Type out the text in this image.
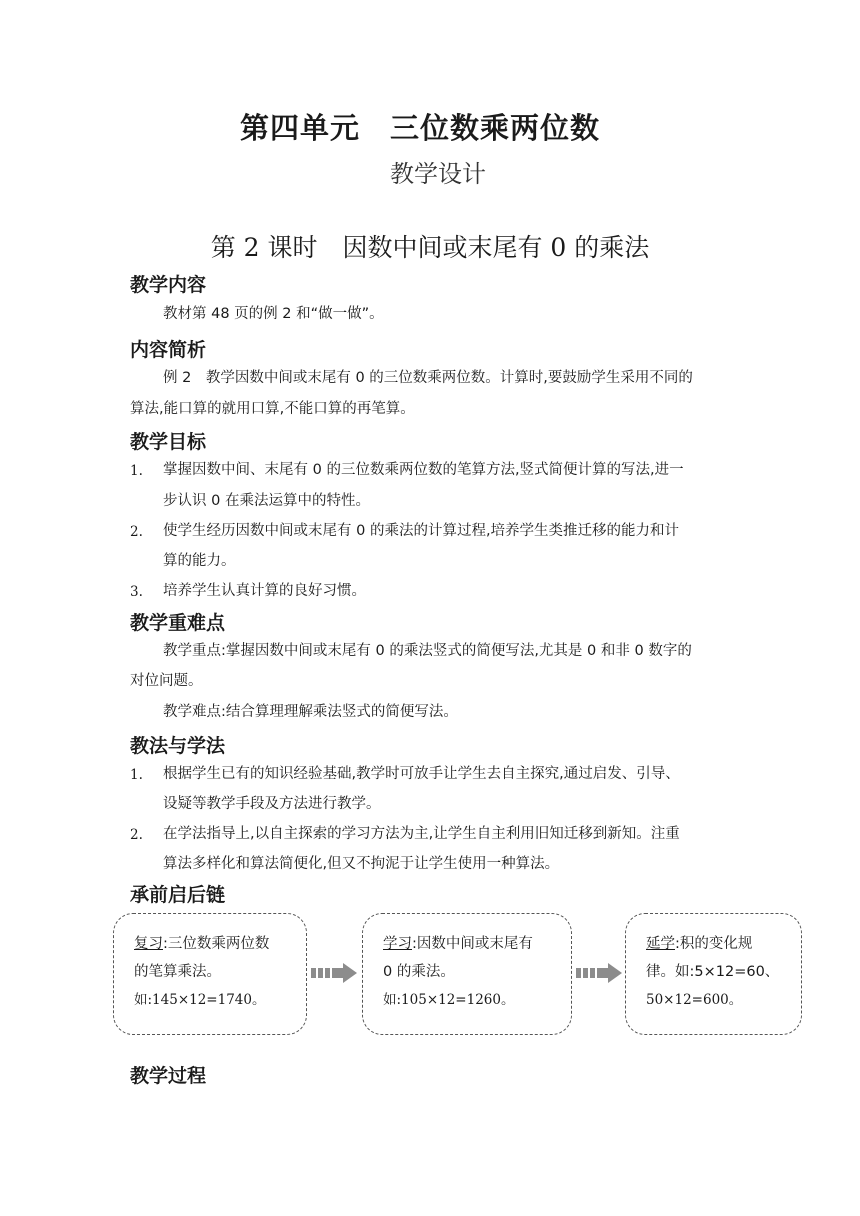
第四单元　三位数乘两位数
教学设计
第 2 课时　因数中间或末尾有 0 的乘法
教学内容
教材第 48 页的例 2 和“做一做”。
内容简析
例 2　教学因数中间或末尾有 0 的三位数乘两位数。计算时,要鼓励学生采用不同的
算法,能口算的就用口算,不能口算的再笔算。
教学目标
1. 掌握因数中间、末尾有 0 的三位数乘两位数的笔算方法,竖式简便计算的写法,进一
步认识 0 在乘法运算中的特性。
2. 使学生经历因数中间或末尾有 0 的乘法的计算过程,培养学生类推迁移的能力和计
算的能力。
3. 培养学生认真计算的良好习惯。
教学重难点
教学重点:掌握因数中间或末尾有 0 的乘法竖式的简便写法,尤其是 0 和非 0 数字的
对位问题。
教学难点:结合算理理解乘法竖式的简便写法。
教法与学法
1. 根据学生已有的知识经验基础,教学时可放手让学生去自主探究,通过启发、引导、
设疑等教学手段及方法进行教学。
2. 在学法指导上,以自主探索的学习方法为主,让学生自主利用旧知迁移到新知。注重
算法多样化和算法简便化,但又不拘泥于让学生使用一种算法。
承前启后链
复习:三位数乘两位数
的笔算乘法。
如:145×12=1740。
学习:因数中间或末尾有
0 的乘法。
如:105×12=1260。
延学:积的变化规
律。如:5×12=60、
50×12=600。
教学过程
